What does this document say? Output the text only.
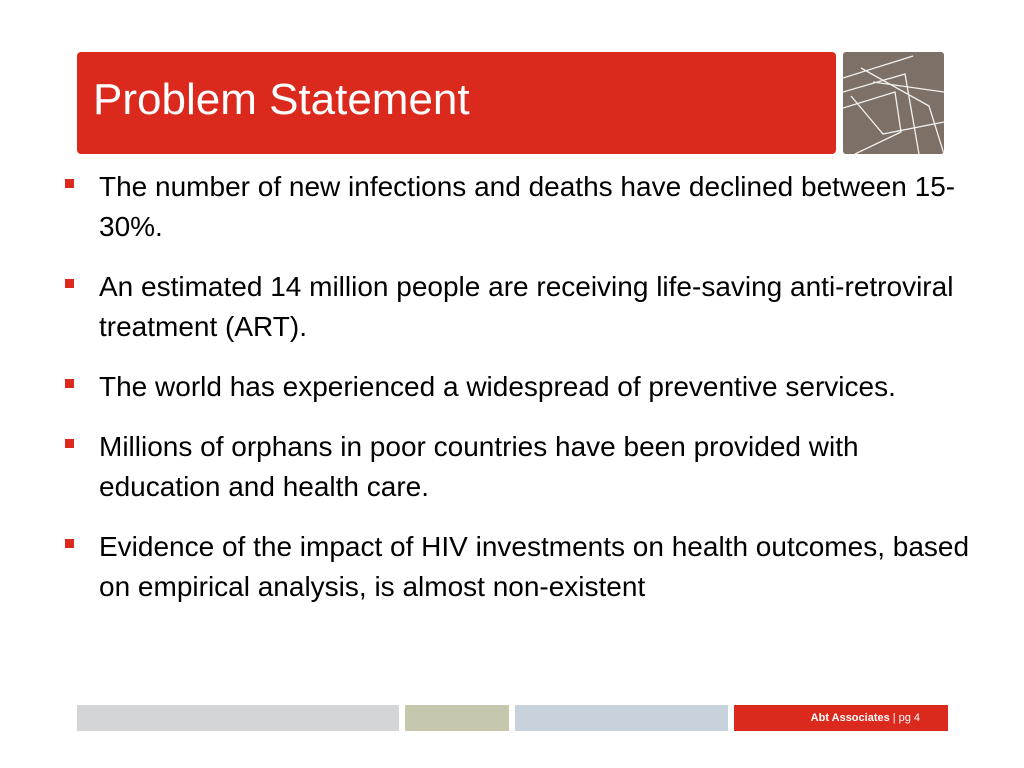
Problem Statement
The number of new infections and deaths have declined between 15-30%.
An estimated 14 million people are receiving life-saving anti-retroviral treatment (ART).
The world has experienced a widespread of preventive services.
Millions of orphans in poor countries have been provided with education and health care.
Evidence of the impact of HIV investments on health outcomes, based on empirical analysis, is almost non-existent
Abt Associates | pg 4
